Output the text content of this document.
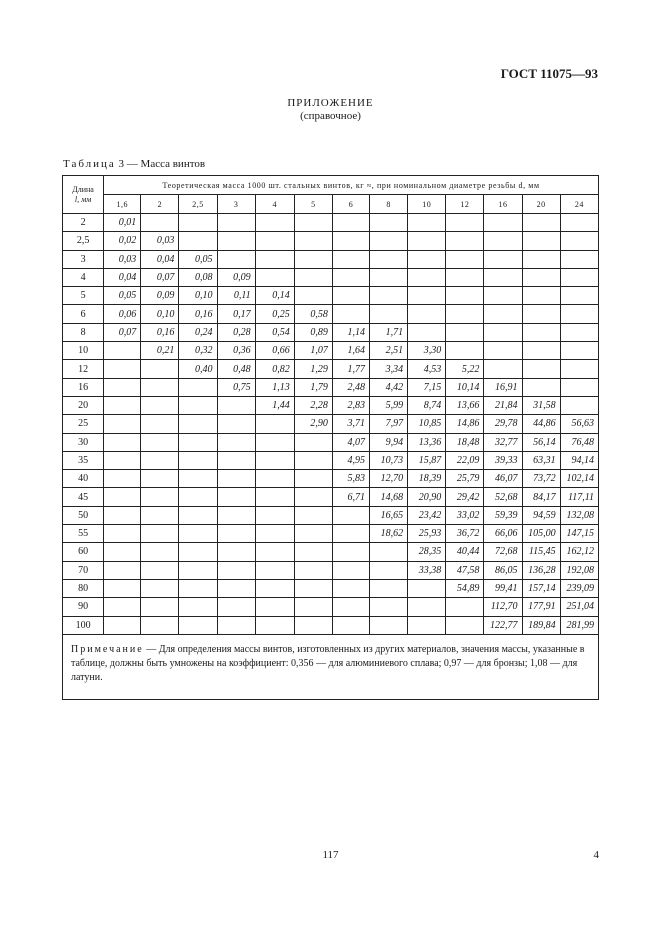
ГОСТ 11075—93
ПРИЛОЖЕНИЕ
(справочное)
Таблица 3 — Масса винтов
Длина
l, мм	Теоретическая масса 1000 шт. стальных винтов, кг ≈, при номинальном диаметре резьбы d, мм												
	1,6	2	2,5	3	4	5	6	8	10	12	16	20	24
2	0,01												
2,5	0,02	0,03											
3	0,03	0,04	0,05										
4	0,04	0,07	0,08	0,09									
5	0,05	0,09	0,10	0,11	0,14								
6	0,06	0,10	0,16	0,17	0,25	0,58							
8	0,07	0,16	0,24	0,28	0,54	0,89	1,14	1,71					
10		0,21	0,32	0,36	0,66	1,07	1,64	2,51	3,30				
12			0,40	0,48	0,82	1,29	1,77	3,34	4,53	5,22			
16				0,75	1,13	1,79	2,48	4,42	7,15	10,14	16,91		
20					1,44	2,28	2,83	5,99	8,74	13,66	21,84	31,58	
25						2,90	3,71	7,97	10,85	14,86	29,78	44,86	56,63
30							4,07	9,94	13,36	18,48	32,77	56,14	76,48
35							4,95	10,73	15,87	22,09	39,33	63,31	94,14
40							5,83	12,70	18,39	25,79	46,07	73,72	102,14
45							6,71	14,68	20,90	29,42	52,68	84,17	117,11
50								16,65	23,42	33,02	59,39	94,59	132,08
55								18,62	25,93	36,72	66,06	105,00	147,15
60									28,35	40,44	72,68	115,45	162,12
70									33,38	47,58	86,05	136,28	192,08
80										54,89	99,41	157,14	239,09
90											112,70	177,91	251,04
100											122,77	189,84	281,99
Примечание — Для определения массы винтов, изготовленных из других материалов, значения массы, указанные в таблице, должны быть умножены на коэффициент: 0,356 — для алюминиевого сплава; 0,97 — для бронзы; 1,08 — для латуни.													
117	4
